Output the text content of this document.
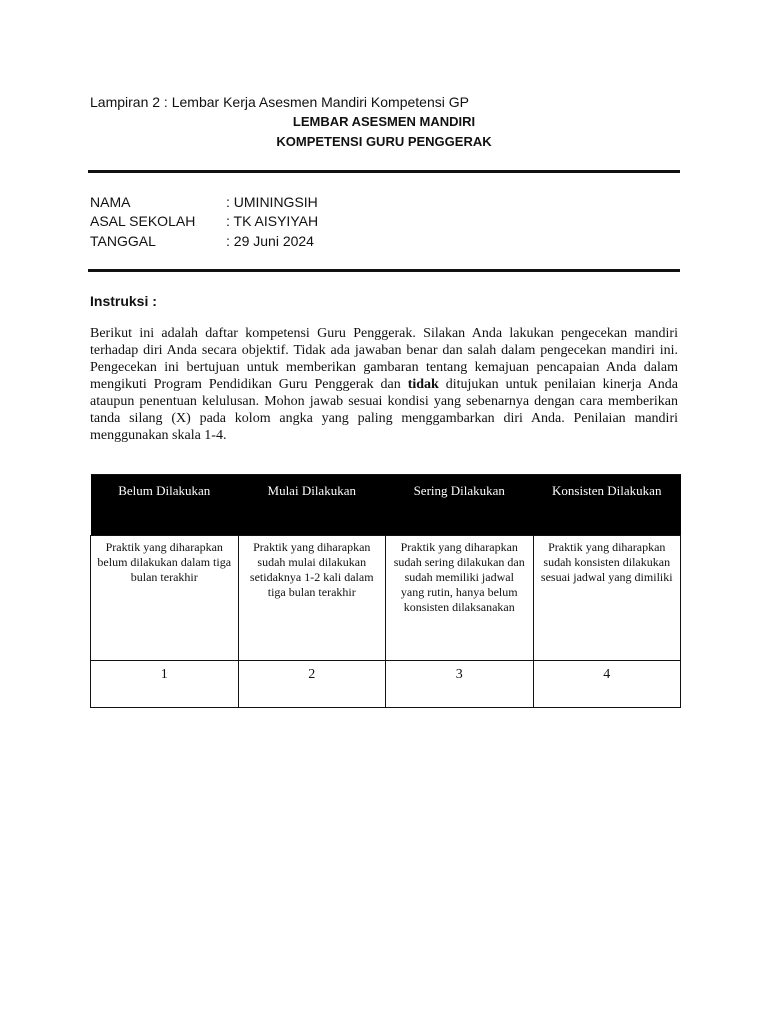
Lampiran 2 : Lembar Kerja Asesmen Mandiri Kompetensi GP
LEMBAR ASESMEN MANDIRI
KOMPETENSI GURU PENGGERAK
NAMA	: UMININGSIH
ASAL SEKOLAH : TK AISYIYAH
TANGGAL	: 29 Juni 2024
Instruksi :

Berikut ini adalah daftar kompetensi Guru Penggerak. Silakan Anda lakukan pengecekan mandiri terhadap diri Anda secara objektif. Tidak ada jawaban benar dan salah dalam pengecekan mandiri ini. Pengecekan ini bertujuan untuk memberikan gambaran tentang kemajuan pencapaian Anda dalam mengikuti Program Pendidikan Guru Penggerak dan tidak ditujukan untuk penilaian kinerja Anda ataupun penentuan kelulusan. Mohon jawab sesuai kondisi yang sebenarnya dengan cara memberikan tanda silang (X) pada kolom angka yang paling menggambarkan diri Anda. Penilaian mandiri menggunakan skala 1-4.

Belum Dilakukan	Mulai Dilakukan	Sering Dilakukan	Konsisten Dilakukan
Praktik yang diharapkan belum dilakukan dalam tiga bulan terakhir	Praktik yang diharapkan sudah mulai dilakukan setidaknya 1-2 kali dalam tiga bulan terakhir	Praktik yang diharapkan sudah sering dilakukan dan sudah memiliki jadwal yang rutin, hanya belum konsisten dilaksanakan	Praktik yang diharapkan sudah konsisten dilakukan sesuai jadwal yang dimiliki
1	2	3	4
